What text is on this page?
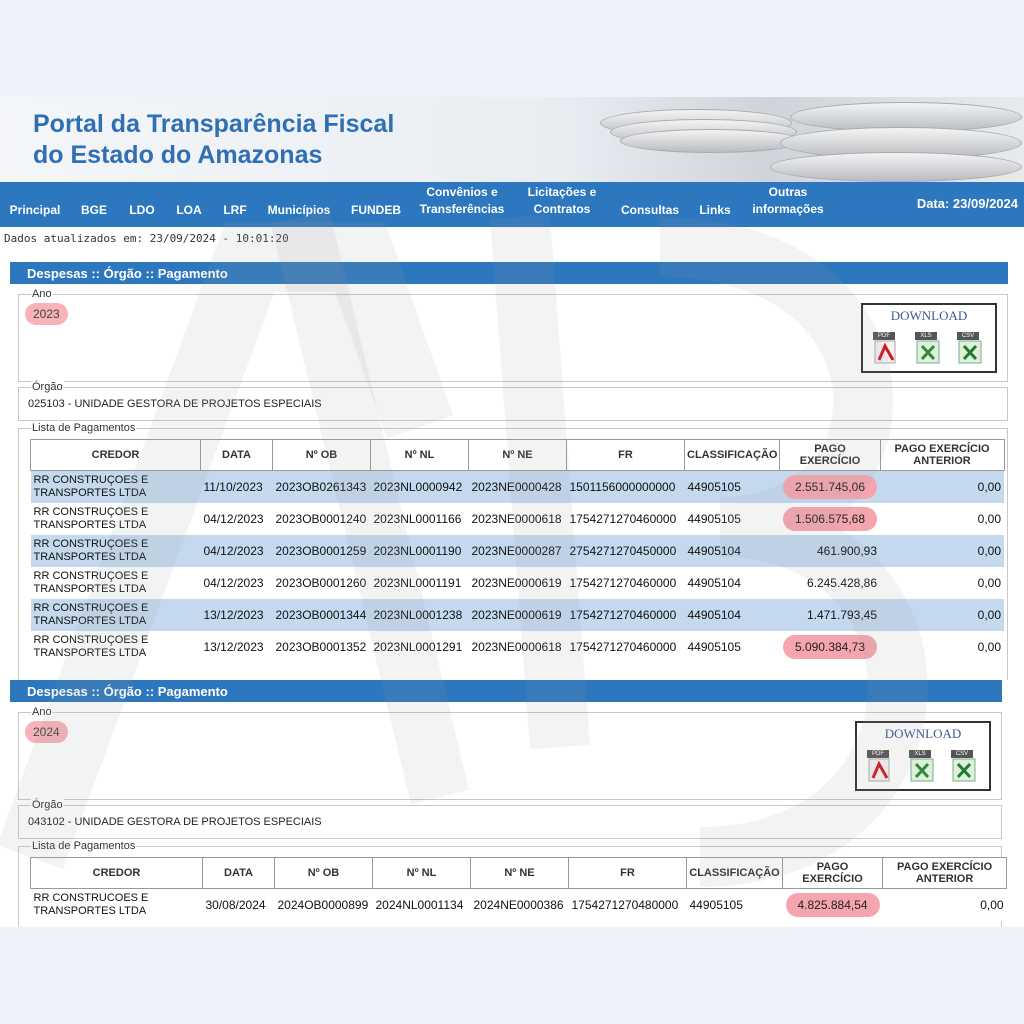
Portal da Transparência Fiscal
do Estado do Amazonas
Principal	BGE	LDO	LOA	LRF	Municípios	FUNDEB
Convênios e
Transferências
Licitações e
Contratos	Consultas	Links
Outras
informações	Data: 23/09/2024
Dados atualizados em: 23/09/2024 - 10:01:20
Despesas :: Órgão :: Pagamento
Ano
2023	DOWNLOAD
PDF	XLS	CSV
Órgão
025103 - UNIDADE GESTORA DE PROJETOS ESPECIAIS
Lista de Pagamentos
CREDOR	DATA	Nº OB	Nº NL	Nº NE	FR	CLASSIFICAÇÃO	PAGO EXERCÍCIO	PAGO EXERCÍCIO ANTERIOR
RR CONSTRUÇOES E TRANSPORTES LTDA	11/10/2023	2023OB0261343	2023NL0000942	2023NE0000428	1501156000000000	44905105	2.551.745,06	0,00
RR CONSTRUÇOES E TRANSPORTES LTDA	04/12/2023	2023OB0001240	2023NL0001166	2023NE0000618	1754271270460000	44905105	1.506.575,68	0,00
RR CONSTRUÇOES E TRANSPORTES LTDA	04/12/2023	2023OB0001259	2023NL0001190	2023NE0000287	2754271270450000	44905104	461.900,93	0,00
RR CONSTRUÇOES E TRANSPORTES LTDA	04/12/2023	2023OB0001260	2023NL0001191	2023NE0000619	1754271270460000	44905104	6.245.428,86	0,00
RR CONSTRUÇOES E TRANSPORTES LTDA	13/12/2023	2023OB0001344	2023NL0001238	2023NE0000619	1754271270460000	44905104	1.471.793,45	0,00
RR CONSTRUÇOES E TRANSPORTES LTDA	13/12/2023	2023OB0001352	2023NL0001291	2023NE0000618	1754271270460000	44905105	5.090.384,73	0,00
Despesas :: Órgão :: Pagamento
Ano
2024	DOWNLOAD
PDF	XLS	CSV
Órgão
043102 - UNIDADE GESTORA DE PROJETOS ESPECIAIS
Lista de Pagamentos
CREDOR	DATA	Nº OB	Nº NL	Nº NE	FR	CLASSIFICAÇÃO	PAGO EXERCÍCIO	PAGO EXERCÍCIO ANTERIOR
RR CONSTRUCOES E TRANSPORTES LTDA	30/08/2024	2024OB0000899	2024NL0001134	2024NE0000386	1754271270480000	44905105	4.825.884,54	0,00
